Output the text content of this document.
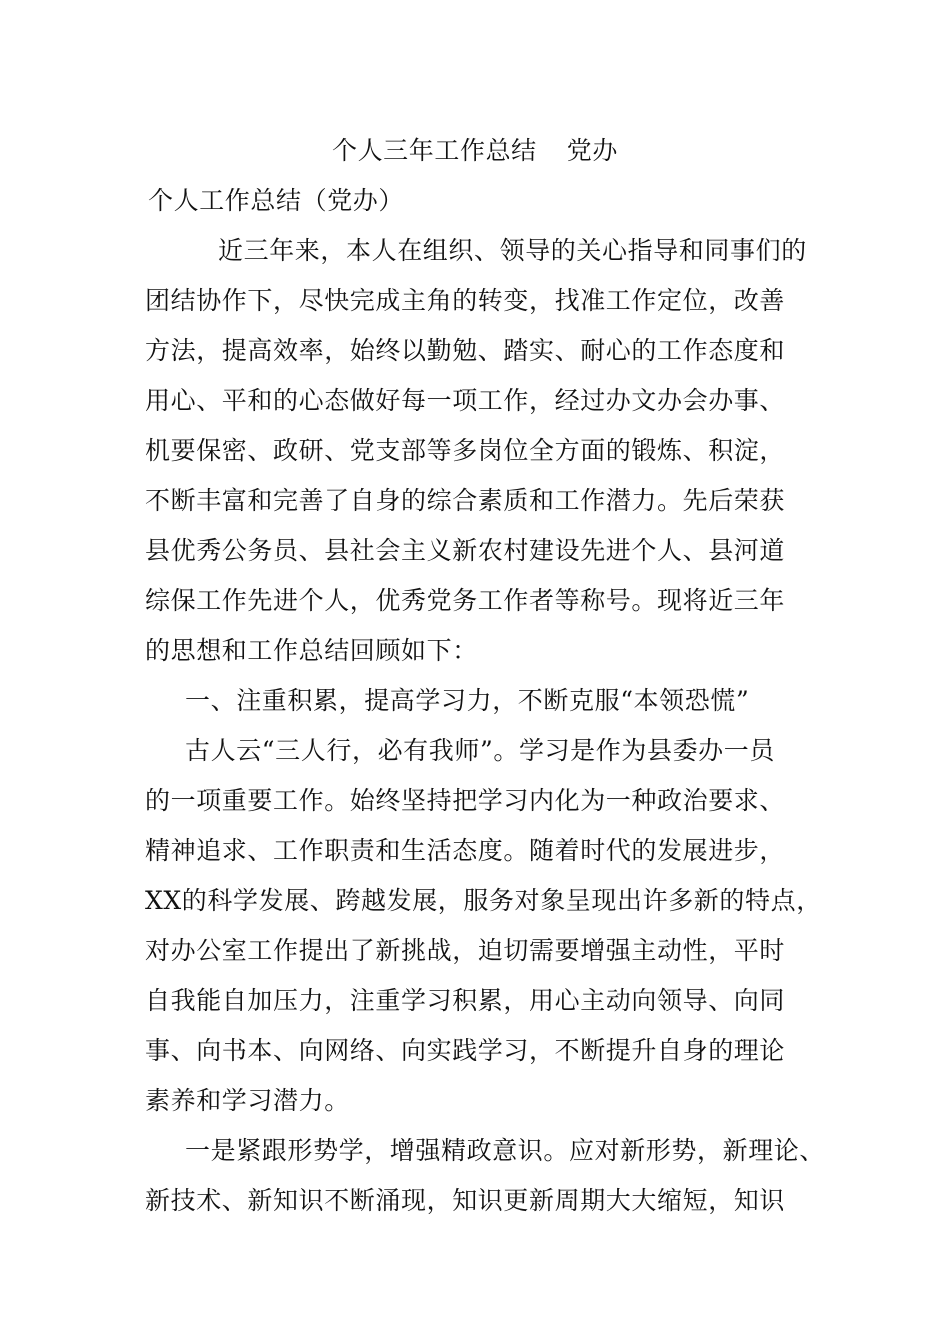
个人三年工作总结 党办
个人工作总结（党办）
近三年来，本人在组织、领导的关心指导和同事们的
团结协作下，尽快完成主角的转变，找准工作定位，改善
方法，提高效率，始终以勤勉、踏实、耐心的工作态度和
用心、平和的心态做好每一项工作，经过办文办会办事、
机要保密、政研、党支部等多岗位全方面的锻炼、积淀，
不断丰富和完善了自身的综合素质和工作潜力。先后荣获
县优秀公务员、县社会主义新农村建设先进个人、县河道
综保工作先进个人，优秀党务工作者等称号。现将近三年
的思想和工作总结回顾如下：
一、注重积累，提高学习力，不断克服“本领恐慌”
古人云“三人行，必有我师”。学习是作为县委办一员
的一项重要工作。始终坚持把学习内化为一种政治要求、
精神追求、工作职责和生活态度。随着时代的发展进步，
XX的科学发展、跨越发展，服务对象呈现出许多新的特点，
对办公室工作提出了新挑战，迫切需要增强主动性，平时
自我能自加压力，注重学习积累，用心主动向领导、向同
事、向书本、向网络、向实践学习，不断提升自身的理论
素养和学习潜力。
一是紧跟形势学，增强精政意识。应对新形势，新理论、
新技术、新知识不断涌现，知识更新周期大大缩短，知识
